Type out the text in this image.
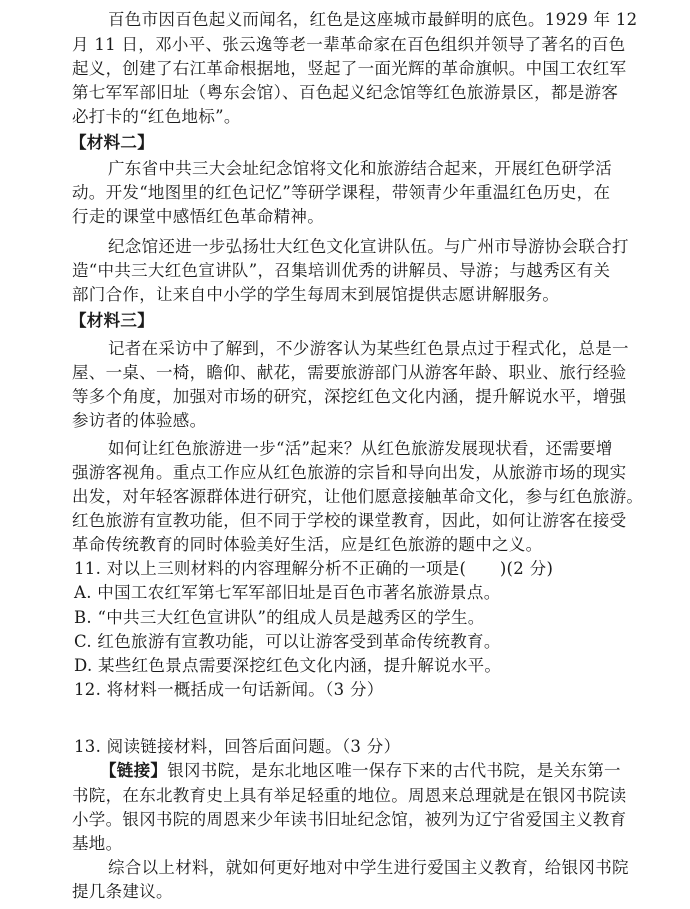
百色市因百色起义而闻名，红色是这座城市最鲜明的底色。1929 年 12
月 11 日，邓小平、张云逸等老一辈革命家在百色组织并领导了著名的百色
起义，创建了右江革命根据地，竖起了一面光辉的革命旗帜。中国工农红军
第七军军部旧址（粤东会馆）、百色起义纪念馆等红色旅游景区，都是游客
必打卡的“红色地标”。
【材料二】
广东省中共三大会址纪念馆将文化和旅游结合起来，开展红色研学活
动。开发“地图里的红色记忆”等研学课程，带领青少年重温红色历史，在
行走的课堂中感悟红色革命精神。
纪念馆还进一步弘扬壮大红色文化宣讲队伍。与广州市导游协会联合打
造“中共三大红色宣讲队”，召集培训优秀的讲解员、导游；与越秀区有关
部门合作，让来自中小学的学生每周末到展馆提供志愿讲解服务。
【材料三】
记者在采访中了解到，不少游客认为某些红色景点过于程式化，总是一
屋、一桌、一椅，瞻仰、献花，需要旅游部门从游客年龄、职业、旅行经验
等多个角度，加强对市场的研究，深挖红色文化内涵，提升解说水平，增强
参访者的体验感。
如何让红色旅游进一步“活”起来？从红色旅游发展现状看，还需要增
强游客视角。重点工作应从红色旅游的宗旨和导向出发，从旅游市场的现实
出发，对年轻客源群体进行研究，让他们愿意接触革命文化，参与红色旅游。
红色旅游有宣教功能，但不同于学校的课堂教育，因此，如何让游客在接受
革命传统教育的同时体验美好生活，应是红色旅游的题中之义。
11. 对以上三则材料的内容理解分析不正确的一项是(　　)(2 分)
A. 中国工农红军第七军军部旧址是百色市著名旅游景点。
B. “中共三大红色宣讲队”的组成人员是越秀区的学生。
C. 红色旅游有宣教功能，可以让游客受到革命传统教育。
D. 某些红色景点需要深挖红色文化内涵，提升解说水平。
12. 将材料一概括成一句话新闻。（3 分）
13. 阅读链接材料，回答后面问题。（3 分）
【链接】银冈书院，是东北地区唯一保存下来的古代书院，是关东第一
书院，在东北教育史上具有举足轻重的地位。周恩来总理就是在银冈书院读
小学。银冈书院的周恩来少年读书旧址纪念馆，被列为辽宁省爱国主义教育
基地。
综合以上材料，就如何更好地对中学生进行爱国主义教育，给银冈书院
提几条建议。
